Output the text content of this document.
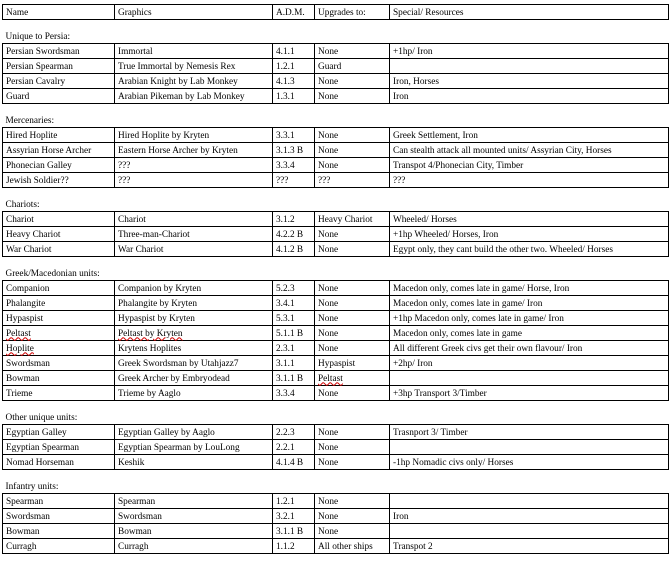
Name	Graphics	A.D.M.	Upgrades to:	Special/ Resources

Unique to Persia:				
Persian Swordsman	Immortal	4.1.1	None	+1hp/ Iron
Persian Spearman	True Immortal by Nemesis Rex	1.2.1	Guard	
Persian Cavalry	Arabian Knight by Lab Monkey	4.1.3	None	Iron, Horses
Guard	Arabian Pikeman by Lab Monkey	1.3.1	None	Iron

Mercenaries:				
Hired Hoplite	Hired Hoplite by Kryten	3.3.1	None	Greek Settlement, Iron
Assyrian Horse Archer	Eastern Horse Archer by Kryten	3.1.3 B	None	Can stealth attack all mounted units/ Assyrian City, Horses
Phonecian Galley	???	3.3.4	None	Transpot 4/Phonecian City, Timber
Jewish Soldier??	???	???	???	???

Chariots:				
Chariot	Chariot	3.1.2	Heavy Chariot	Wheeled/ Horses
Heavy Chariot	Three-man-Chariot	4.2.2 B	None	+1hp Wheeled/ Horses, Iron
War Chariot	War Chariot	4.1.2 B	None	Egypt only, they cant build the other two. Wheeled/ Horses

Greek/Macedonian units:				
Companion	Companion by Kryten	5.2.3	None	Macedon only, comes late in game/ Horse, Iron
Phalangite	Phalangite by Kryten	3.4.1	None	Macedon only, comes late in game/ Iron
Hypaspist	Hypaspist by Kryten	5.3.1	None	+1hp Macedon only, comes late in game/ Iron
Peltast	Peltast by Kryten	5.1.1 B	None	Macedon only, comes late in game
Hoplite	Krytens Hoplites	2.3.1	None	All different Greek civs get their own flavour/ Iron
Swordsman	Greek Swordsman by Utahjazz7	3.1.1	Hypaspist	+2hp/ Iron
Bowman	Greek Archer by Embryodead	3.1.1 B	Peltast	
Trieme	Trieme by Aaglo	3.3.4	None	+3hp Transport 3/Timber

Other unique units:				
Egyptian Galley	Egyptian Galley by Aaglo	2.2.3	None	Trasnport 3/ Timber
Egyptian Spearman	Egyptian Spearman by LouLong	2.2.1	None	
Nomad Horseman	Keshik	4.1.4 B	None	-1hp Nomadic civs only/ Horses

Infantry units:				
Spearman	Spearman	1.2.1	None	
Swordsman	Swordsman	3.2.1	None	Iron
Bowman	Bowman	3.1.1 B	None	
Curragh	Curragh	1.1.2	All other ships	Transpot 2
